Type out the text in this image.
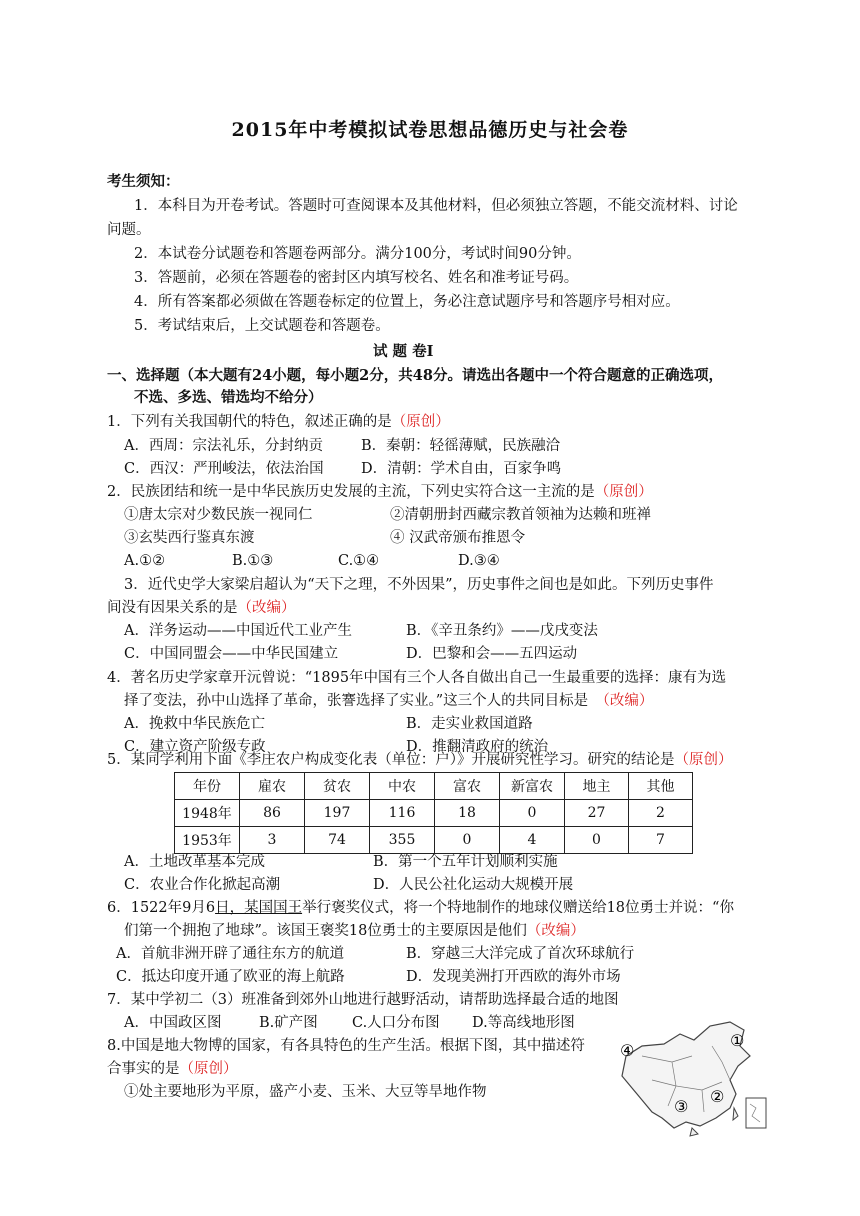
2015年中考模拟试卷思想品德历史与社会卷
考生须知：
1．本科目为开卷考试。答题时可查阅课本及其他材料，但必须独立答题，不能交流材料、讨论
问题。
2．本试卷分试题卷和答题卷两部分。满分100分，考试时间90分钟。
3．答题前，必须在答题卷的密封区内填写校名、姓名和准考证号码。
4．所有答案都必须做在答题卷标定的位置上，务必注意试题序号和答题序号相对应。
5．考试结束后，上交试题卷和答题卷。
试 题 卷Ⅰ
一、选择题（本大题有24小题，每小题2分，共48分。请选出各题中一个符合题意的正确选项，
不选、多选、错选均不给分）
1．下列有关我国朝代的特色，叙述正确的是（原创）
A．西周：宗法礼乐，分封纳贡	B．秦朝：轻徭薄赋，民族融洽
C．西汉：严刑峻法，依法治国	D．清朝：学术自由，百家争鸣
2．民族团结和统一是中华民族历史发展的主流，下列史实符合这一主流的是（原创）
①唐太宗对少数民族一视同仁	②清朝册封西藏宗教首领袖为达赖和班禅
③玄奘西行鉴真东渡	④ 汉武帝颁布推恩令
A.①②	B.①③	C.①④	D.③④
3．近代史学大家梁启超认为“天下之理，不外因果”，历史事件之间也是如此。下列历史事件
间没有因果关系的是（改编）
A．洋务运动——中国近代工业产生	B．《辛丑条约》——戊戌变法
C．中国同盟会——中华民国建立	D．巴黎和会——五四运动
4．著名历史学家章开沅曾说：“1895年中国有三个人各自做出自己一生最重要的选择：康有为选
择了变法，孙中山选择了革命，张謇选择了实业。”这三个人的共同目标是  （改编）
A．挽救中华民族危亡	B．走实业救国道路
C．建立资产阶级专政	D．推翻清政府的统治
5．某同学利用下面《李庄农户构成变化表（单位：户）》开展研究性学习。研究的结论是（原创）
年份	雇农	贫农	中农	富农	新富农	地主	其他
1948年	86	197	116	18	0	27	2
1953年	3	74	355	0	4	0	7
A．土地改革基本完成	B．第一个五年计划顺利实施
C．农业合作化掀起高潮	D．人民公社化运动大规模开展
6．1522年9月6日，某国国王举行褒奖仪式，将一个特地制作的地球仪赠送给18位勇士并说：“你
们第一个拥抱了地球”。该国王褒奖18位勇士的主要原因是他们（改编）
A．首航非洲开辟了通往东方的航道	B．穿越三大洋完成了首次环球航行
C．抵达印度开通了欧亚的海上航路	D．发现美洲打开西欧的海外市场
7．某中学初二（3）班准备到郊外山地进行越野活动，请帮助选择最合适的地图
A．中国政区图	B.矿产图 C.人口分布图 D.等高线地形图
8.中国是地大物博的国家，有各具特色的生产生活。根据下图，其中描述符
合事实的是（原创）
①处主要地形为平原，盛产小麦、玉米、大豆等旱地作物
①
②
③
④
